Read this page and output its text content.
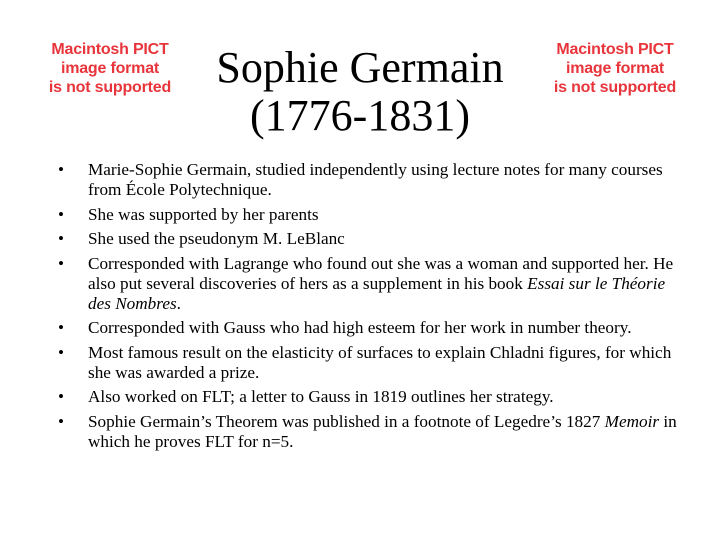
Macintosh PICT
image format
is not supported	Sophie Germain
(1776-1831)
Macintosh PICT
image format
is not supported
• Marie-Sophie Germain, studied independently using lecture notes for many courses from École Polytechnique.
• She was supported by her parents
• She used the pseudonym M. LeBlanc
• Corresponded with Lagrange who found out she was a woman and supported her. He also put several discoveries of hers as a supplement in his book Essai sur le Théorie des Nombres.
• Corresponded with Gauss who had high esteem for her work in number theory.
• Most famous result on the elasticity of surfaces to explain Chladni figures, for which she was awarded a prize.
• Also worked on FLT; a letter to Gauss in 1819 outlines her strategy.
• Sophie Germain’s Theorem was published in a footnote of Legedre’s 1827 Memoir in which he proves FLT for n=5.
